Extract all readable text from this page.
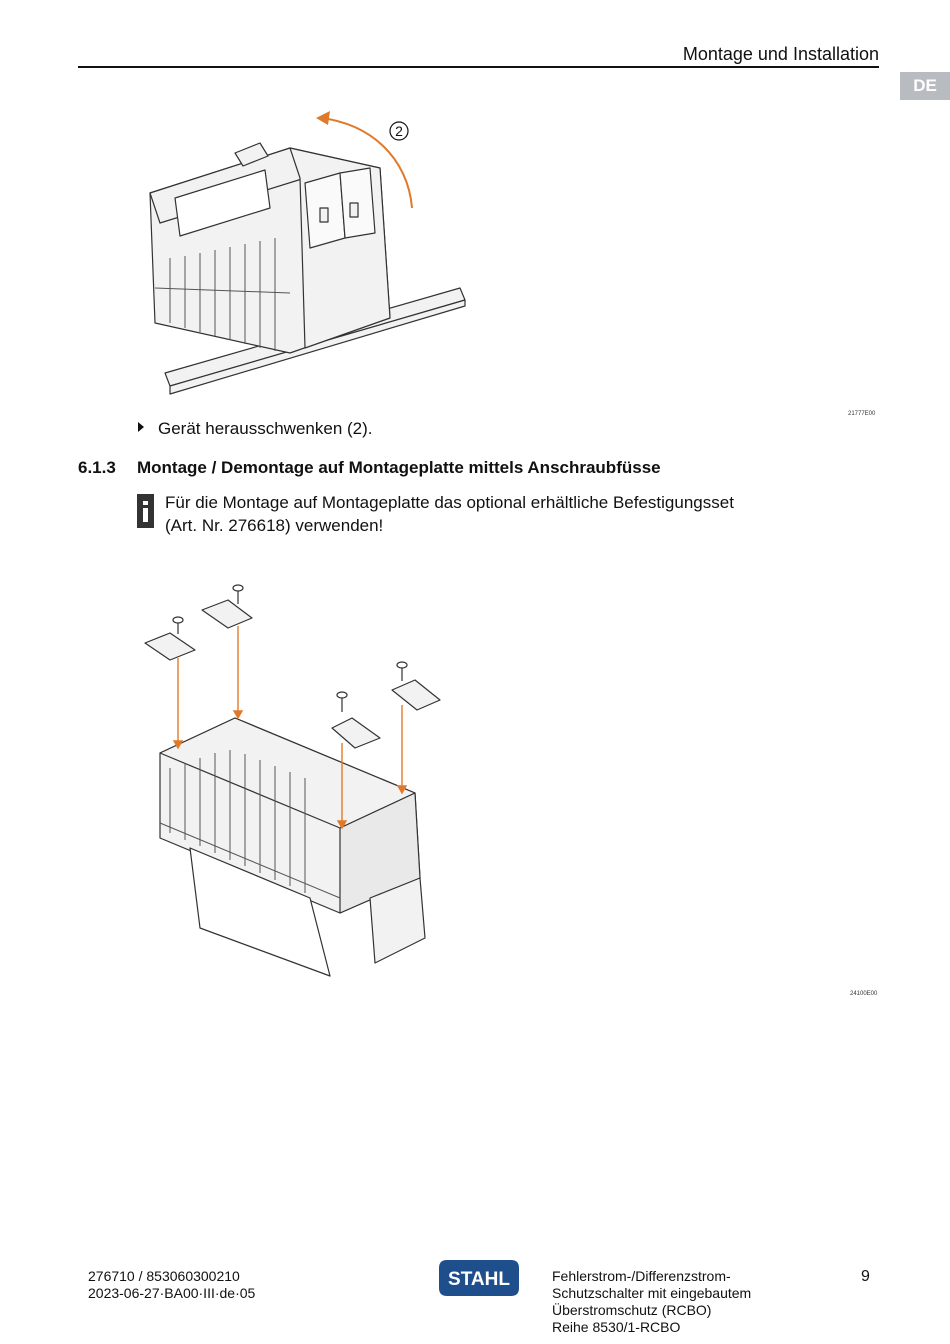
Montage und Installation
DE
2
21777E00
Gerät herausschwenken (2).
6.1.3 Montage / Demontage auf Montageplatte mittels Anschraubfüsse
Für die Montage auf Montageplatte das optional erhältliche Befestigungsset
(Art. Nr. 276618) verwenden!
24100E00
276710 / 853060300210
2023-06-27·BA00·III·de·05
STAHL	Fehlerstrom-/Differenzstrom-
Schutzschalter mit eingebautem
Überstromschutz (RCBO)
Reihe 8530/1-RCBO
9
